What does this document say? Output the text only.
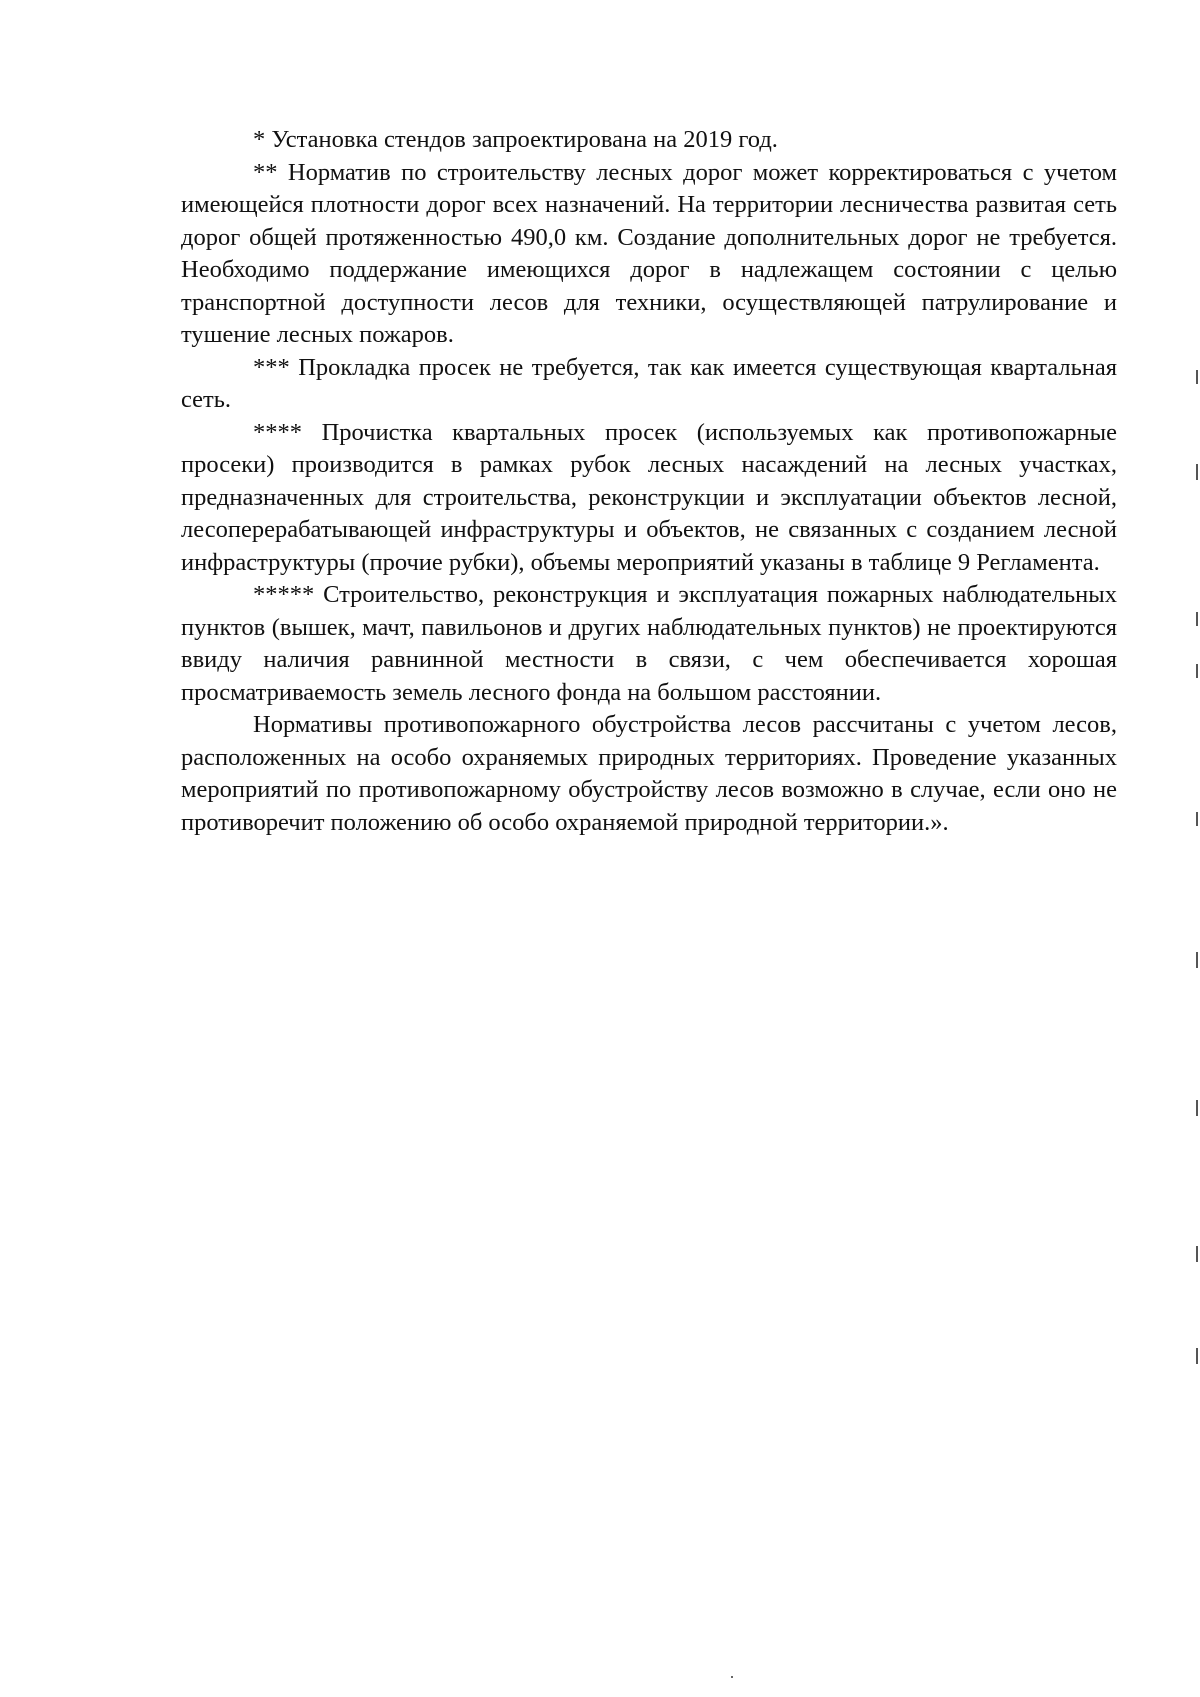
* Установка стендов запроектирована на 2019 год.

** Норматив по строительству лесных дорог может корректироваться с учетом имеющейся плотности дорог всех назначений. На территории лесничества развитая сеть дорог общей протяженностью 490,0 км. Создание дополнительных дорог не требуется. Необходимо поддержание имеющихся дорог в надлежащем состоянии с целью транспортной доступности лесов для техники, осуществляющей патрулирование и тушение лесных пожаров.

*** Прокладка просек не требуется, так как имеется существующая квартальная сеть.

**** Прочистка квартальных просек (используемых как противопожарные просеки) производится в рамках рубок лесных насаждений на лесных участках, предназначенных для строительства, реконструкции и эксплуатации объектов лесной, лесоперерабатывающей инфраструктуры и объектов, не связанных с созданием лесной инфраструктуры (прочие рубки), объемы мероприятий указаны в таблице 9 Регламента.

***** Строительство, реконструкция и эксплуатация пожарных наблюдательных пунктов (вышек, мачт, павильонов и других наблюдательных пунктов) не проектируются ввиду наличия равнинной местности в связи, с чем обеспечивается хорошая просматриваемость земель лесного фонда на большом расстоянии.

Нормативы противопожарного обустройства лесов рассчитаны с учетом лесов, расположенных на особо охраняемых природных территориях. Проведение указанных мероприятий по противопожарному обустройству лесов возможно в случае, если оно не противоречит положению об особо охраняемой природной территории.».
